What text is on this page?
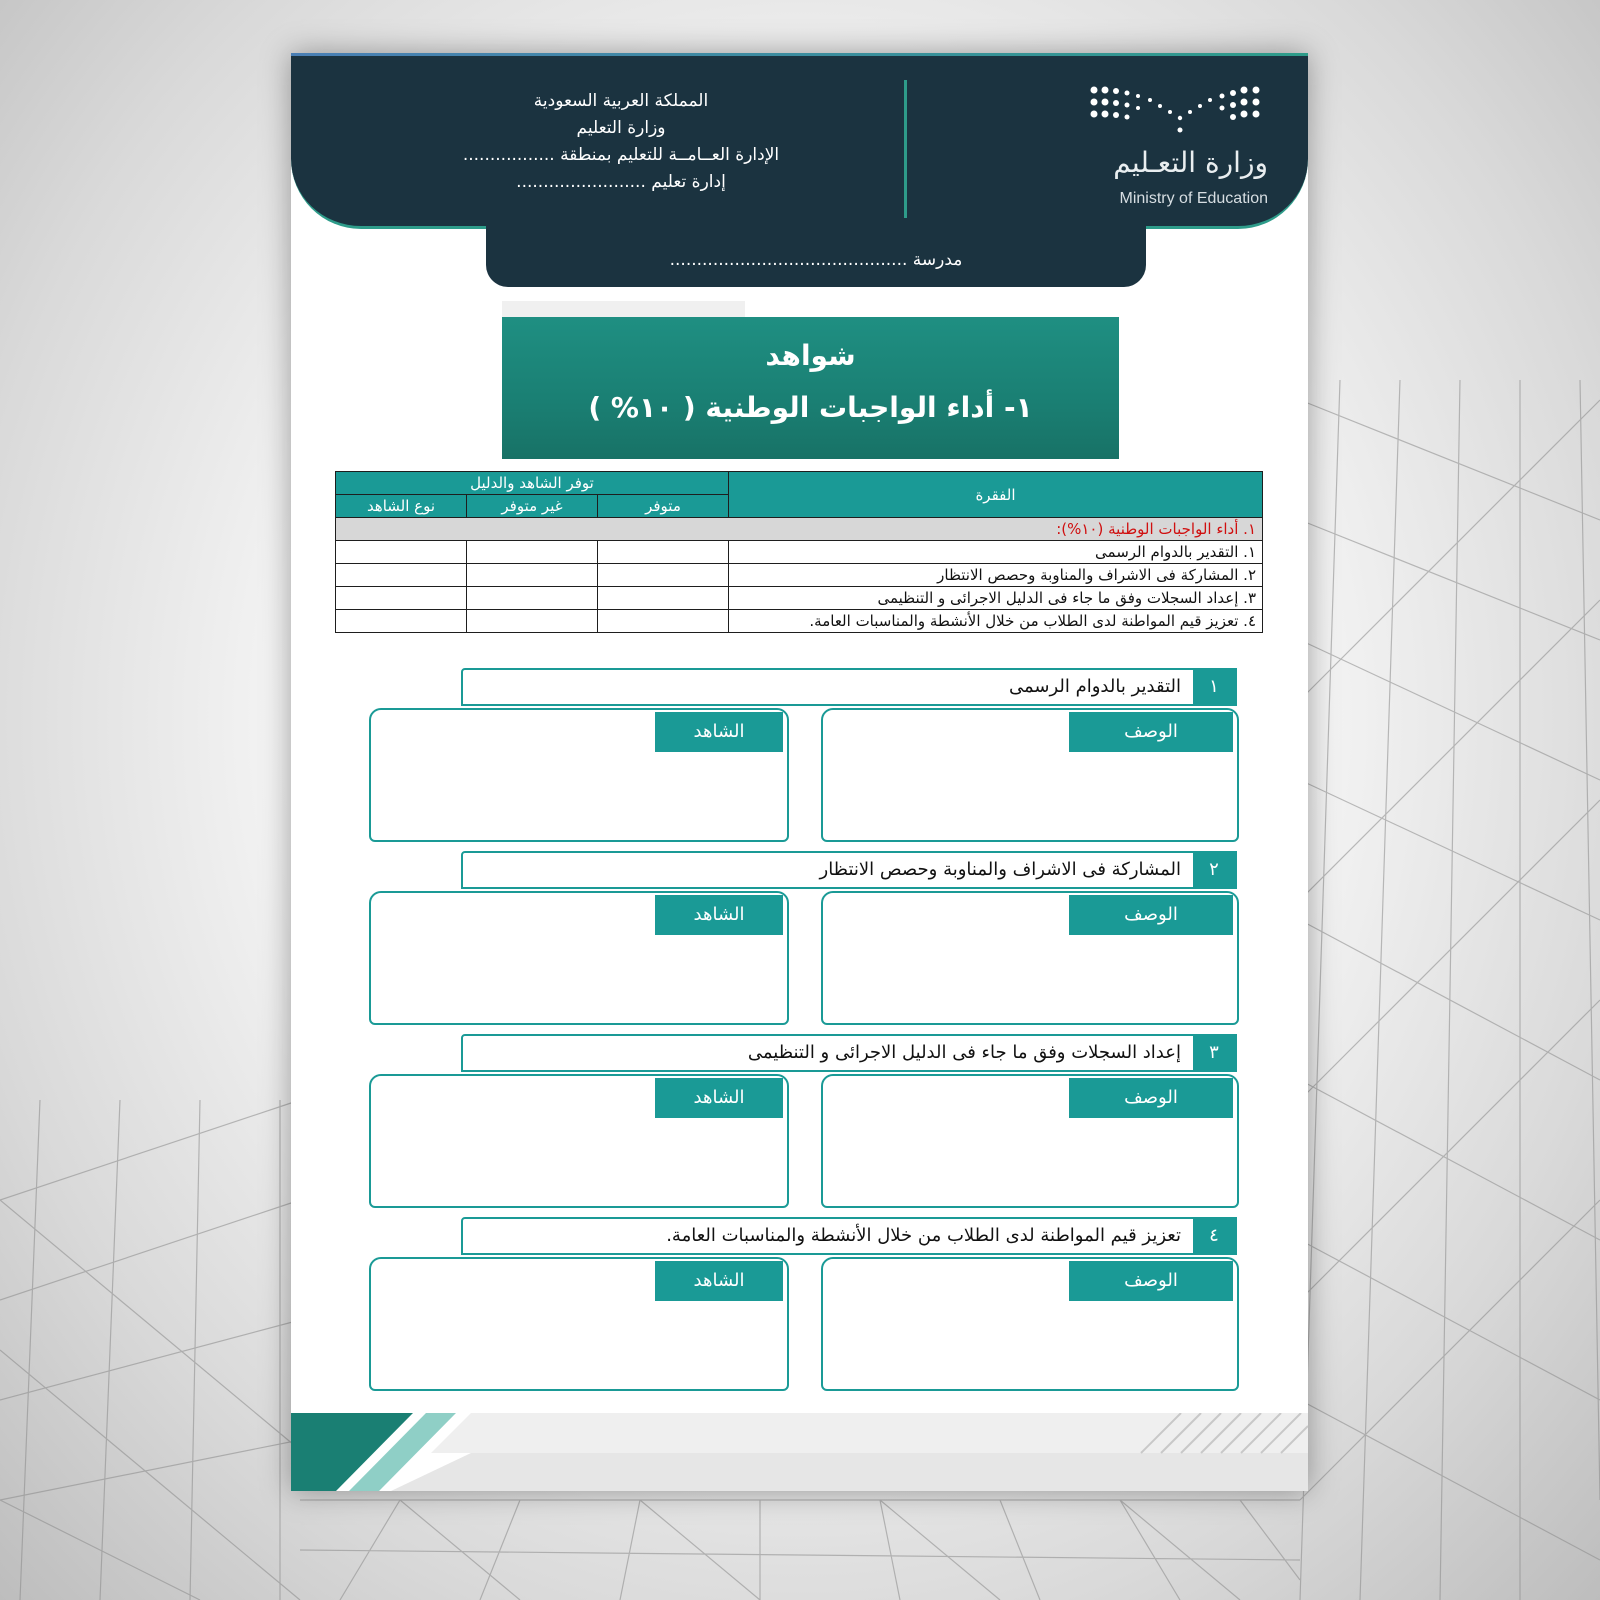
وزارة التعـليم
Ministry of Education
المملكة العربية السعودية
وزارة التعليم
الإدارة العــامــة للتعليم بمنطقة .................
إدارة تعليم ........................
مدرسة ............................................
شواهد
١- أداء الواجبات الوطنية ( ١٠% )
الفقرة	توفر الشاهد والدليل		
	متوفر	غير متوفر	نوع الشاهد
١. أداء الواجبات الوطنية (١٠%):			
١. التقدير بالدوام الرسمى			
٢. المشاركة فى الاشراف والمناوبة وحصص الانتظار			
٣. إعداد السجلات وفق ما جاء فى الدليل الاجرائى و التنظيمى			
٤. تعزيز قيم المواطنة لدى الطلاب من خلال الأنشطة والمناسبات العامة.			
١
التقدير بالدوام الرسمى
الوصف
الشاهد
٢
المشاركة فى الاشراف والمناوبة وحصص الانتظار
الوصف
الشاهد
٣
إعداد السجلات وفق ما جاء فى الدليل الاجرائى و التنظيمى
الوصف
الشاهد
٤
تعزيز قيم المواطنة لدى الطلاب من خلال الأنشطة والمناسبات العامة.
الوصف
الشاهد
